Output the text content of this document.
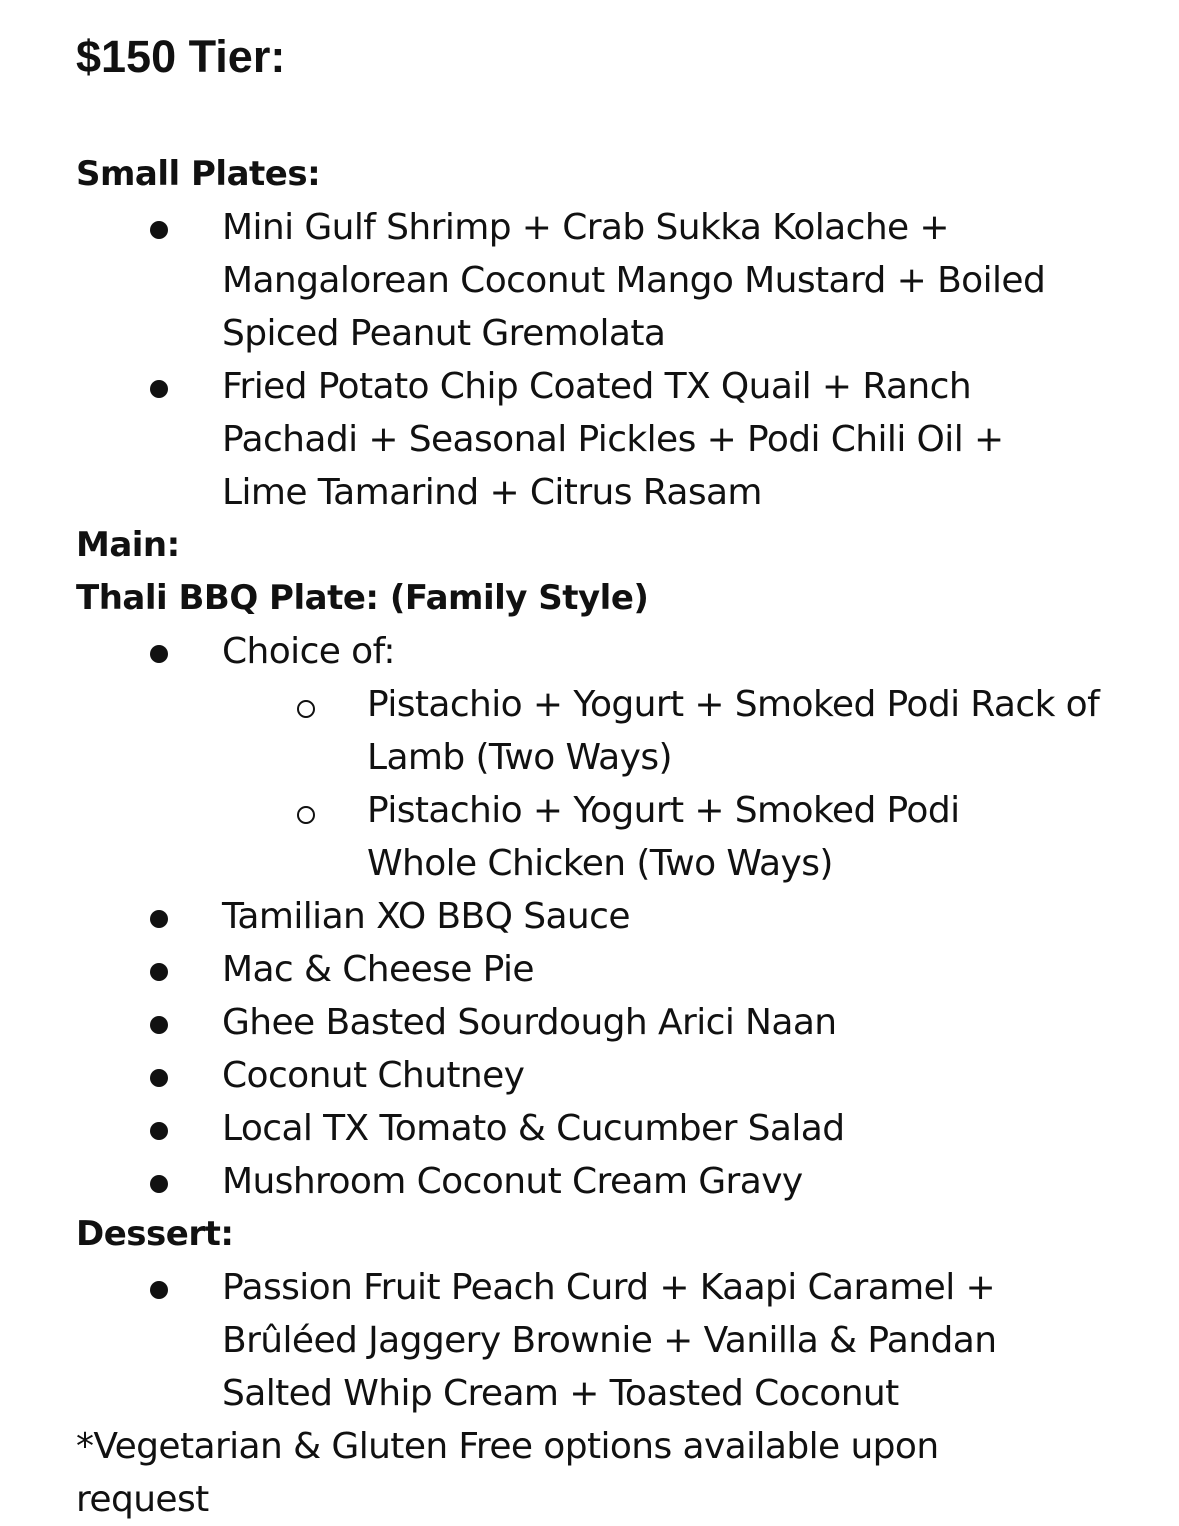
$150 Tier:
Small Plates:
Mini Gulf Shrimp + Crab Sukka Kolache + Mangalorean Coconut Mango Mustard + Boiled Spiced Peanut Gremolata
Fried Potato Chip Coated TX Quail + Ranch Pachadi + Seasonal Pickles + Podi Chili Oil + Lime Tamarind + Citrus Rasam
Main:
Thali BBQ Plate: (Family Style)
Choice of:
Pistachio + Yogurt + Smoked Podi Rack of Lamb (Two Ways)
Pistachio + Yogurt + Smoked Podi Whole Chicken (Two Ways)
Tamilian XO BBQ Sauce
Mac & Cheese Pie
Ghee Basted Sourdough Arici Naan
Coconut Chutney
Local TX Tomato & Cucumber Salad
Mushroom Coconut Cream Gravy
Dessert:
Passion Fruit Peach Curd + Kaapi Caramel + Brûléed Jaggery Brownie + Vanilla & Pandan Salted Whip Cream + Toasted Coconut
*Vegetarian & Gluten Free options available upon request
